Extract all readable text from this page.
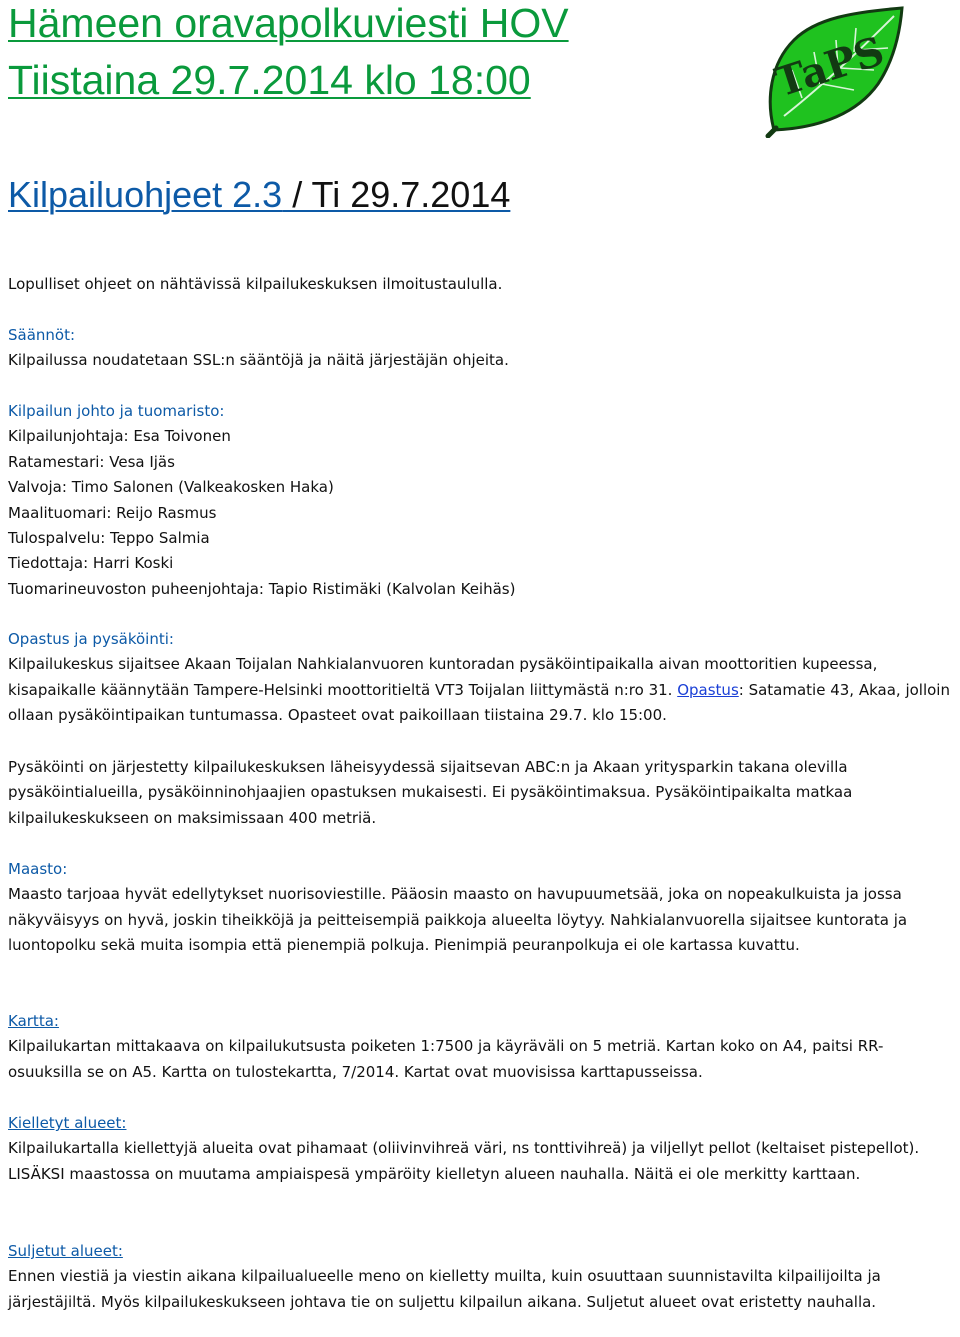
Hämeen oravapolkuviesti HOV
Tiistaina 29.7.2014 klo 18:00
Kilpailuohjeet 2.3 / Ti 29.7.2014
TaPS

Lopulliset ohjeet on nähtävissä kilpailukeskuksen ilmoitustaululla.

Säännöt:

Kilpailussa noudatetaan SSL:n sääntöjä ja näitä järjestäjän ohjeita.

Kilpailun johto ja tuomaristo:

Kilpailunjohtaja: Esa Toivonen

Ratamestari: Vesa Ijäs

Valvoja: Timo Salonen (Valkeakosken Haka)

Maalituomari: Reijo Rasmus

Tulospalvelu: Teppo Salmia

Tiedottaja: Harri Koski

Tuomarineuvoston puheenjohtaja: Tapio Ristimäki (Kalvolan Keihäs)

Opastus ja pysäköinti:

Kilpailukeskus sijaitsee Akaan Toijalan Nahkialanvuoren kuntoradan pysäköintipaikalla aivan moottoritien kupeessa, kisapaikalle käännytään Tampere-Helsinki moottoritieltä VT3 Toijalan liittymästä n:ro 31. Opastus: Satamatie 43, Akaa, jolloin ollaan pysäköintipaikan tuntumassa. Opasteet ovat paikoillaan tiistaina 29.7. klo 15:00.

Pysäköinti on järjestetty kilpailukeskuksen läheisyydessä sijaitsevan ABC:n ja Akaan yritysparkin takana olevilla pysäköintialueilla, pysäköinninohjaajien opastuksen mukaisesti. Ei pysäköintimaksua. Pysäköintipaikalta matkaa kilpailukeskukseen on maksimissaan 400 metriä.

Maasto:

Maasto tarjoaa hyvät edellytykset nuorisoviestille. Pääosin maasto on havupuumetsää, joka on nopeakulkuista ja jossa näkyväisyys on hyvä, joskin tiheikköjä ja peitteisempiä paikkoja alueelta löytyy. Nahkialanvuorella sijaitsee kuntorata ja luontopolku sekä muita isompia että pienempiä polkuja. Pienimpiä peuranpolkuja ei ole kartassa kuvattu.

Kartta:

Kilpailukartan mittakaava on kilpailukutsusta poiketen 1:7500 ja käyräväli on 5 metriä. Kartan koko on A4, paitsi RR-osuuksilla se on A5. Kartta on tulostekartta, 7/2014. Kartat ovat muovisissa karttapusseissa.

Kielletyt alueet:

Kilpailukartalla kiellettyjä alueita ovat pihamaat (oliivinvihreä väri, ns tonttivihreä) ja viljellyt pellot (keltaiset pistepellot). LISÄKSI maastossa on muutama ampiaispesä ympäröity kielletyn alueen nauhalla. Näitä ei ole merkitty karttaan.

Suljetut alueet:

Ennen viestiä ja viestin aikana kilpailualueelle meno on kielletty muilta, kuin osuuttaan suunnistavilta kilpailijoilta ja järjestäjiltä. Myös kilpailukeskukseen johtava tie on suljettu kilpailun aikana. Suljetut alueet ovat eristetty nauhalla.
